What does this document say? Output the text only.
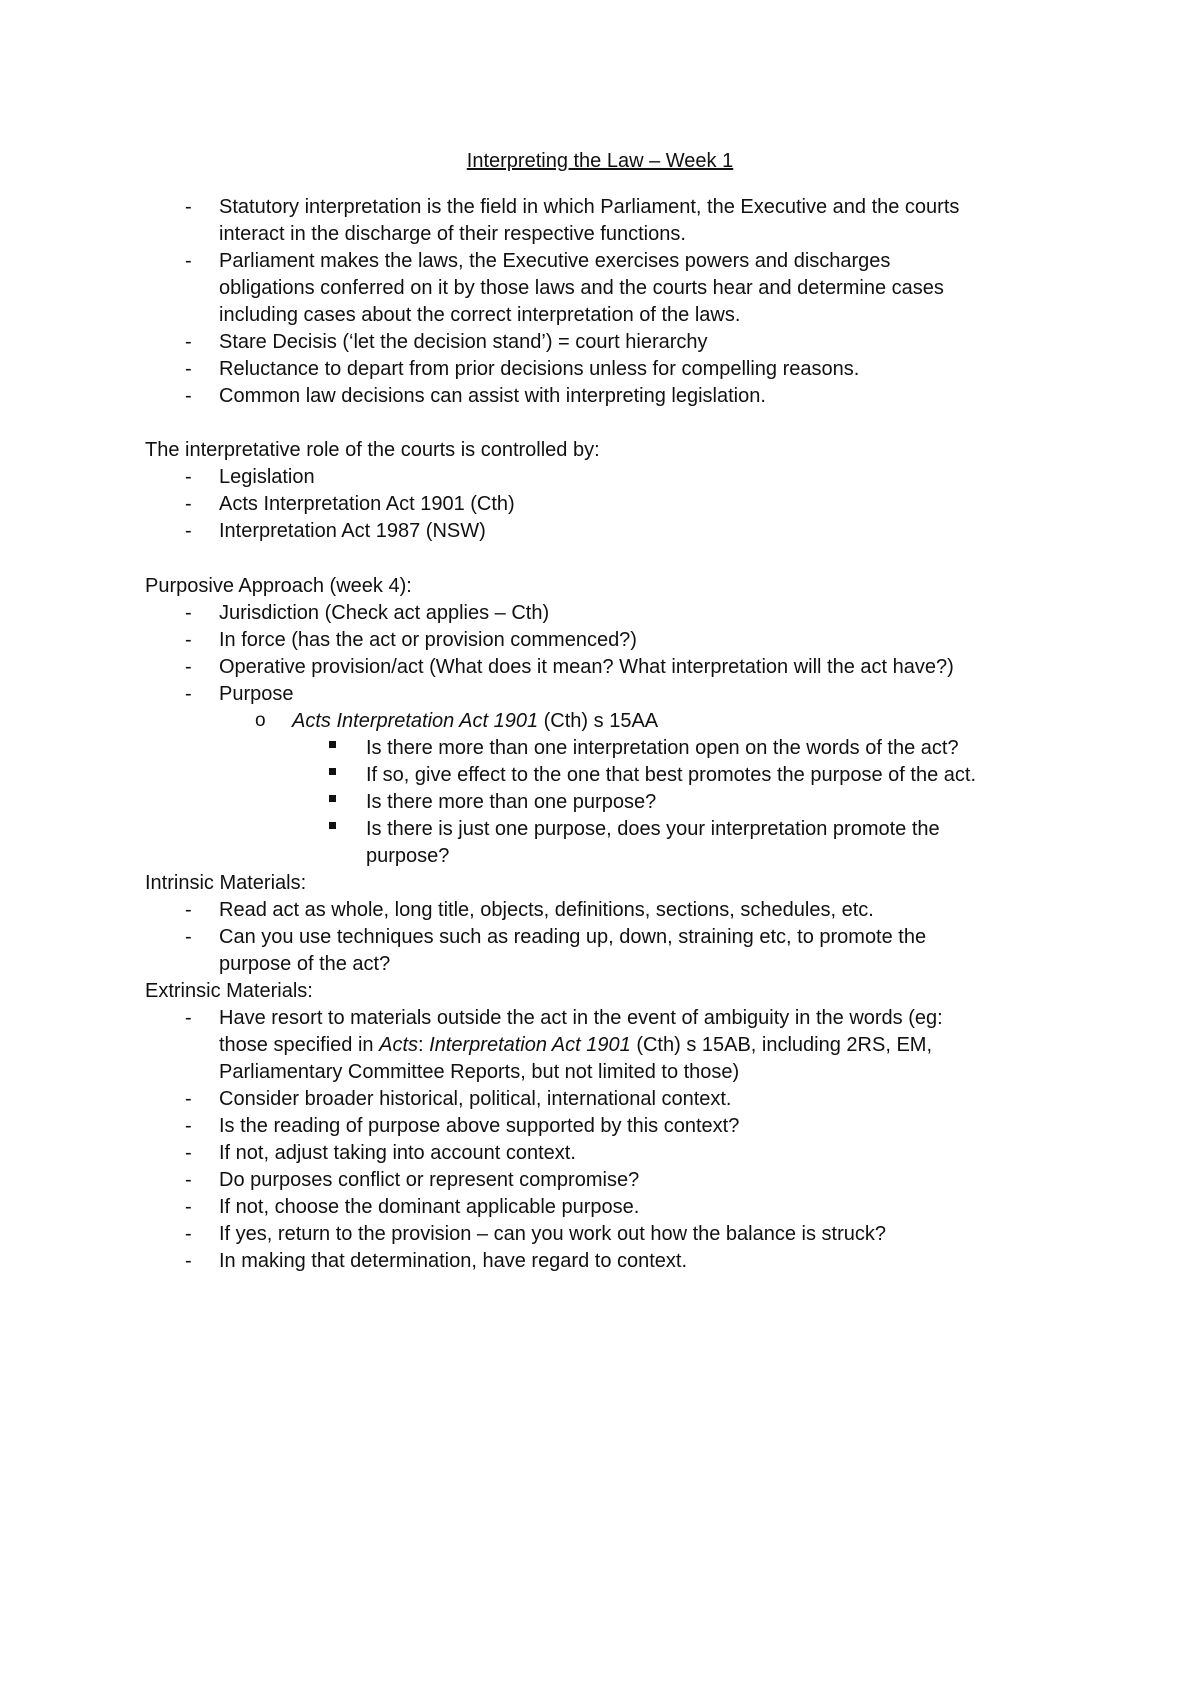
Interpreting the Law – Week 1
- Statutory interpretation is the field in which Parliament, the Executive and the courts
interact in the discharge of their respective functions.
- Parliament makes the laws, the Executive exercises powers and discharges
obligations conferred on it by those laws and the courts hear and determine cases
including cases about the correct interpretation of the laws.
- Stare Decisis (‘let the decision stand’) = court hierarchy
- Reluctance to depart from prior decisions unless for compelling reasons.
- Common law decisions can assist with interpreting legislation.
The interpretative role of the courts is controlled by:
- Legislation
- Acts Interpretation Act 1901 (Cth)
- Interpretation Act 1987 (NSW)
Purposive Approach (week 4):
- Jurisdiction (Check act applies – Cth)
- In force (has the act or provision commenced?)
- Operative provision/act (What does it mean? What interpretation will the act have?)
- Purpose
o Acts Interpretation Act 1901 (Cth) s 15AA
Is there more than one interpretation open on the words of the act?
If so, give effect to the one that best promotes the purpose of the act.
Is there more than one purpose?
Is there is just one purpose, does your interpretation promote the
purpose?
Intrinsic Materials:
- Read act as whole, long title, objects, definitions, sections, schedules, etc.
- Can you use techniques such as reading up, down, straining etc, to promote the
purpose of the act?
Extrinsic Materials:
- Have resort to materials outside the act in the event of ambiguity in the words (eg:
those specified in Acts: Interpretation Act 1901 (Cth) s 15AB, including 2RS, EM,
Parliamentary Committee Reports, but not limited to those)
- Consider broader historical, political, international context.
- Is the reading of purpose above supported by this context?
- If not, adjust taking into account context.
- Do purposes conflict or represent compromise?
- If not, choose the dominant applicable purpose.
- If yes, return to the provision – can you work out how the balance is struck?
- In making that determination, have regard to context.
